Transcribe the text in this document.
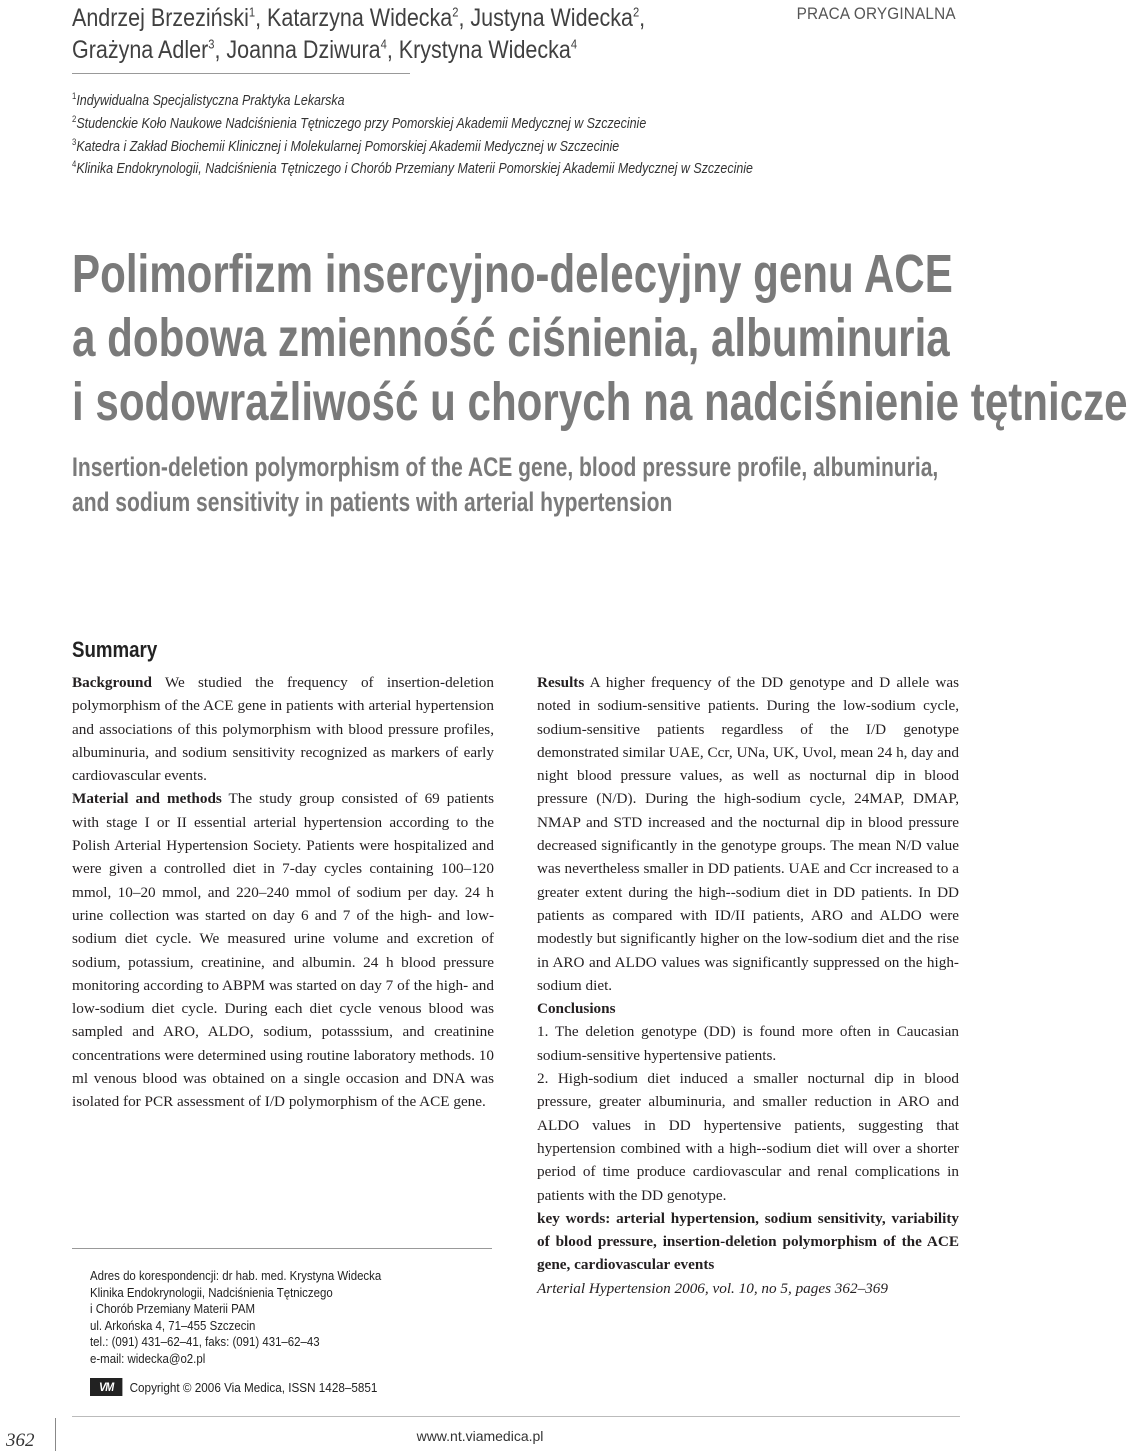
Andrzej Brzeziński$^1$, Katarzyna Widecka$^2$, Justyna Widecka$^2$,
Grażyna Adler$^3$, Joanna Dziwura$^4$, Krystyna Widecka$^4$
PRACA ORYGINALNA
$^1$Indywidualna Specjalistyczna Praktyka Lekarska
$^2$Studenckie Koło Naukowe Nadciśnienia Tętniczego przy Pomorskiej Akademii Medycznej w Szczecinie
$^3$Katedra i Zakład Biochemii Klinicznej i Molekularnej Pomorskiej Akademii Medycznej w Szczecinie
$^4$Klinika Endokrynologii, Nadciśnienia Tętniczego i Chorób Przemiany Materii Pomorskiej Akademii Medycznej w Szczecinie
Polimorfizm insercyjno-delecyjny genu ACE
a dobowa zmienność ciśnienia, albuminuria
i sodowrażliwość u chorych na nadciśnienie tętnicze
Insertion-deletion polymorphism of the ACE gene, blood pressure profile, albuminuria,
and sodium sensitivity in patients with arterial hypertension
Summary

Background We studied the frequency of insertion-deletion polymorphism of the ACE gene in patients with arterial hypertension and associations of this polymorphism with blood pressure profiles, albuminuria, and sodium sensitivity recognized as markers of early cardiovascular events.

Material and methods The study group consisted of 69 patients with stage I or II essential arterial hypertension according to the Polish Arterial Hypertension Society. Patients were hospitalized and were given a controlled diet in 7-day cycles containing 100–120 mmol, 10–20 mmol, and 220–240 mmol of sodium per day. 24 h urine collection was started on day 6 and 7 of the high- and low-sodium diet cycle. We measured urine volume and excretion of sodium, potassium, creatinine, and albumin. 24 h blood pressure monitoring according to ABPM was started on day 7 of the high- and low-sodium diet cycle. During each diet cycle venous blood was sampled and ARO, ALDO, sodium, potasssium, and creatinine concentrations were determined using routine laboratory methods. 10 ml venous blood was obtained on a single occasion and DNA was isolated for PCR assessment of I/D polymorphism of the ACE gene.

Results A higher frequency of the DD genotype and D allele was noted in sodium-sensitive patients. During the low-sodium cycle, sodium-sensitive patients regardless of the I/D genotype demonstrated similar UAE, Ccr, UNa, UK, Uvol, mean 24 h, day and night blood pressure values, as well as nocturnal dip in blood pressure (N/D). During the high-sodium cycle, 24MAP, DMAP, NMAP and STD increased and the nocturnal dip in blood pressure decreased significantly in the genotype groups. The mean N/D value was nevertheless smaller in DD patients. UAE and Ccr increased to a greater extent during the high--sodium diet in DD patients. In DD patients as compared with ID/II patients, ARO and ALDO were modestly but significantly higher on the low-sodium diet and the rise in ARO and ALDO values was significantly suppressed on the high-sodium diet.

Conclusions

1. The deletion genotype (DD) is found more often in Caucasian sodium-sensitive hypertensive patients.

2. High-sodium diet induced a smaller nocturnal dip in blood pressure, greater albuminuria, and smaller reduction in ARO and ALDO values in DD hypertensive patients, suggesting that hypertension combined with a high--sodium diet will over a shorter period of time produce cardiovascular and renal complications in patients with the DD genotype.

key words: arterial hypertension, sodium sensitivity, variability of blood pressure, insertion-deletion polymorphism of the ACE gene, cardiovascular events

Arterial Hypertension 2006, vol. 10, no 5, pages 362–369

Adres do korespondencji: dr hab. med. Krystyna Widecka
Klinika Endokrynologii, Nadciśnienia Tętniczego
i Chorób Przemiany Materii PAM
ul. Arkońska 4, 71–455 Szczecin
tel.: (091) 431–62–41, faks: (091) 431–62–43
e-mail: widecka@o2.pl
VM	Copyright © 2006 Via Medica, ISSN 1428–5851
362	www.nt.viamedica.pl
